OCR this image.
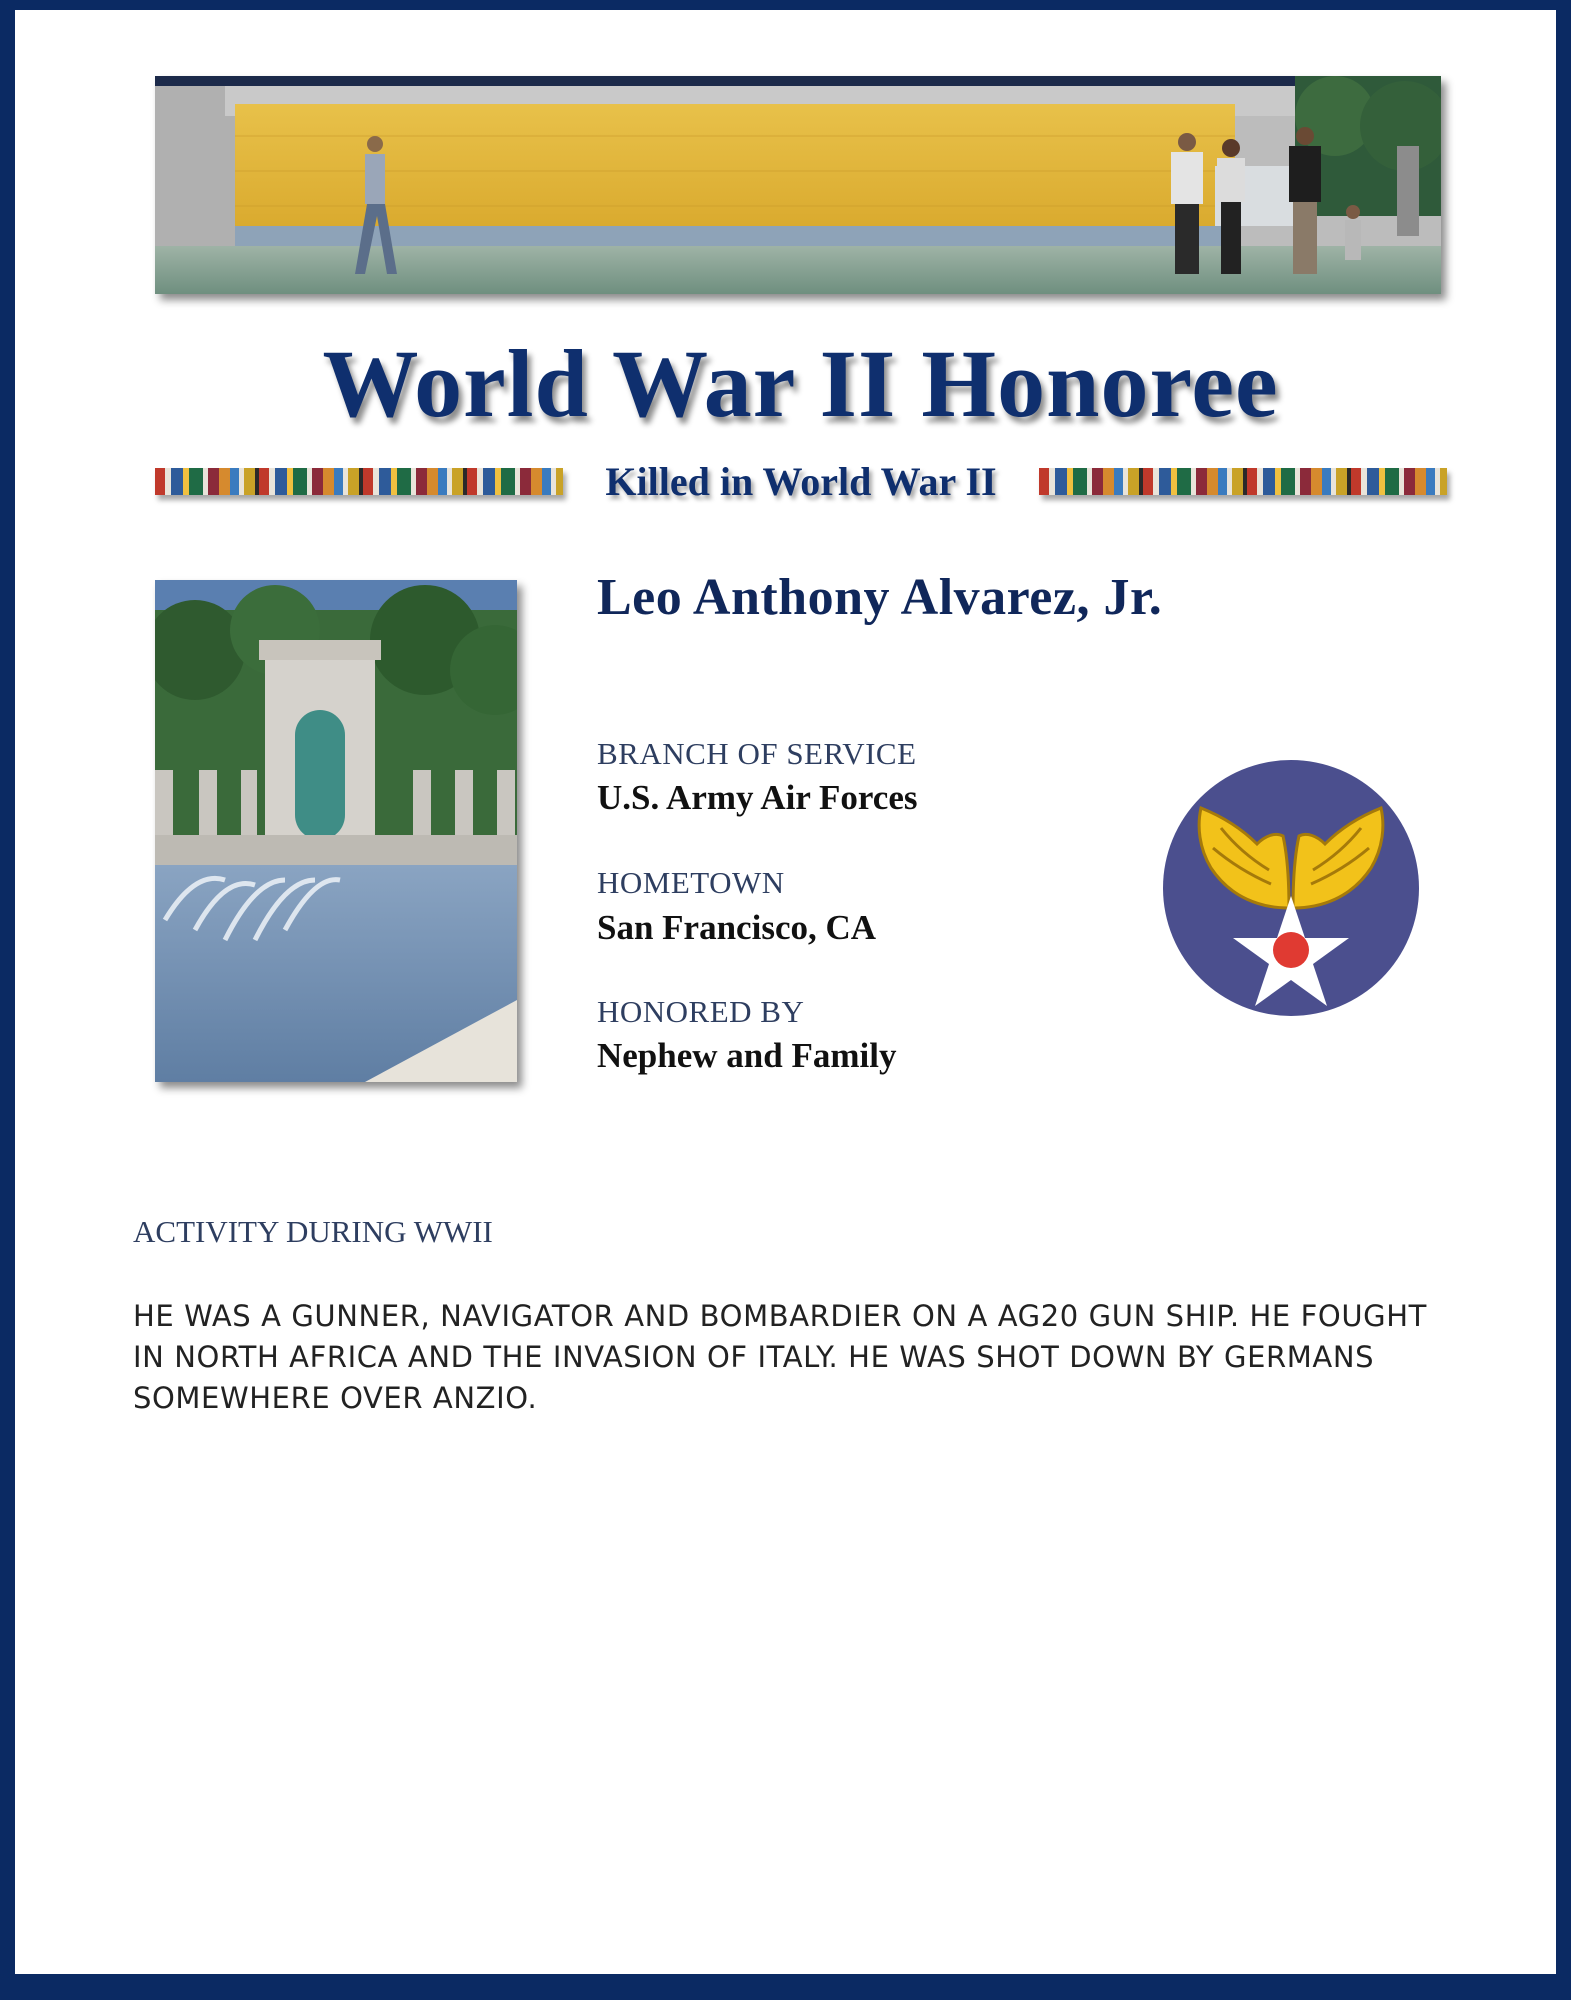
World War II Honoree
Killed in World War II
Leo Anthony Alvarez, Jr.
BRANCH OF SERVICE
U.S. Army Air Forces
HOMETOWN
San Francisco, CA
HONORED BY
Nephew and Family
ACTIVITY DURING WWII

HE WAS A GUNNER, NAVIGATOR AND BOMBARDIER ON A AG20 GUN SHIP. HE FOUGHT IN NORTH AFRICA AND THE INVASION OF ITALY. HE WAS SHOT DOWN BY GERMANS SOMEWHERE OVER ANZIO.
